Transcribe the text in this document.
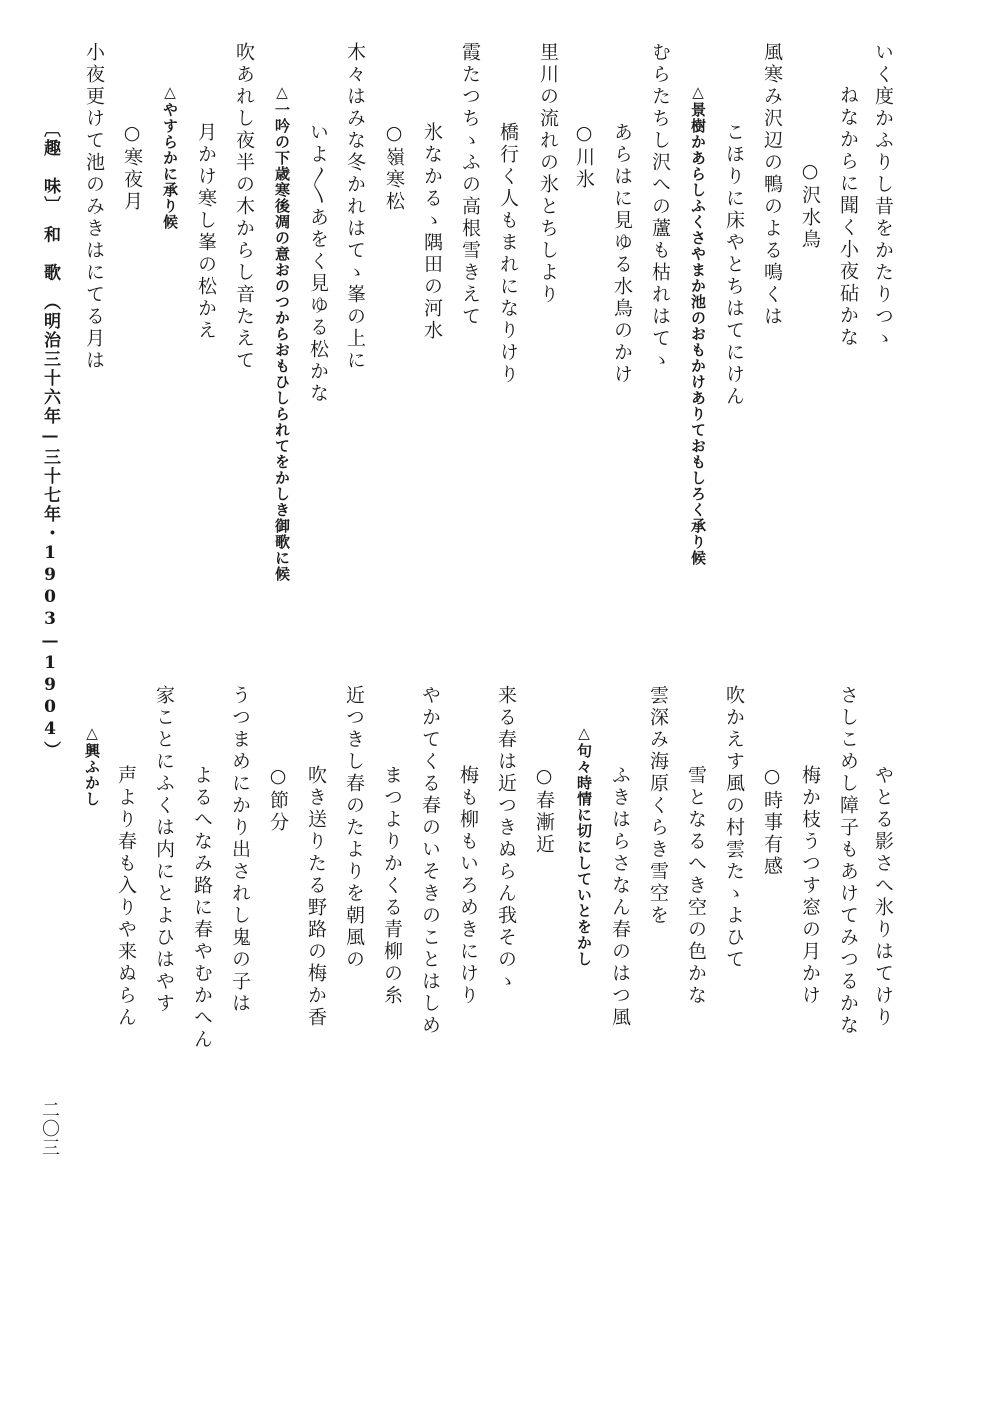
いく度かふりし昔をかたりつゝ
ねなからに聞く小夜砧かな
○沢水鳥
風寒み沢辺の鴨のよる鳴くは
こほりに床やとちはてにけん
△景樹かあらしふくさやまか池のおもかけありておもしろく承り候
むらたちし沢への蘆も枯れはてゝ
あらはに見ゆる水鳥のかけ
○川氷
里川の流れの氷とちしより
橋行く人もまれになりけり
霞たつちゝふの高根雪きえて
氷なかるゝ隅田の河水
○嶺寒松
木々はみな冬かれはてゝ峯の上に
いよ〳〵あをく見ゆる松かな
△一吟の下歳寒後凋の意おのつからおもひしられてをかしき御歌に候
吹あれし夜半の木からし音たえて
月かけ寒し峯の松かえ
△やすらかに承り候
○寒夜月
小夜更けて池のみきはにてる月は
〔趣　味〕　和　歌　（明治三十六年—三十七年・1903—1904）
やとる影さへ氷りはてけり
さしこめし障子もあけてみつるかな
梅か枝うつす窓の月かけ
○時事有感
吹かえす風の村雲たゝよひて
雪となるへき空の色かな
雲深み海原くらき雪空を
ふきはらさなん春のはつ風
△句々時情に切にしていとをかし
○春漸近
来る春は近つきぬらん我そのゝ
梅も柳もいろめきにけり
やかてくる春のいそきのことはしめ
まつよりかくる青柳の糸
近つきし春のたよりを朝風の
吹き送りたる野路の梅か香
○節分
うつまめにかり出されし鬼の子は
よるへなみ路に春やむかへん
家ことにふくは内にとよひはやす
声より春も入りや来ぬらん
△興ふかし
二〇三
